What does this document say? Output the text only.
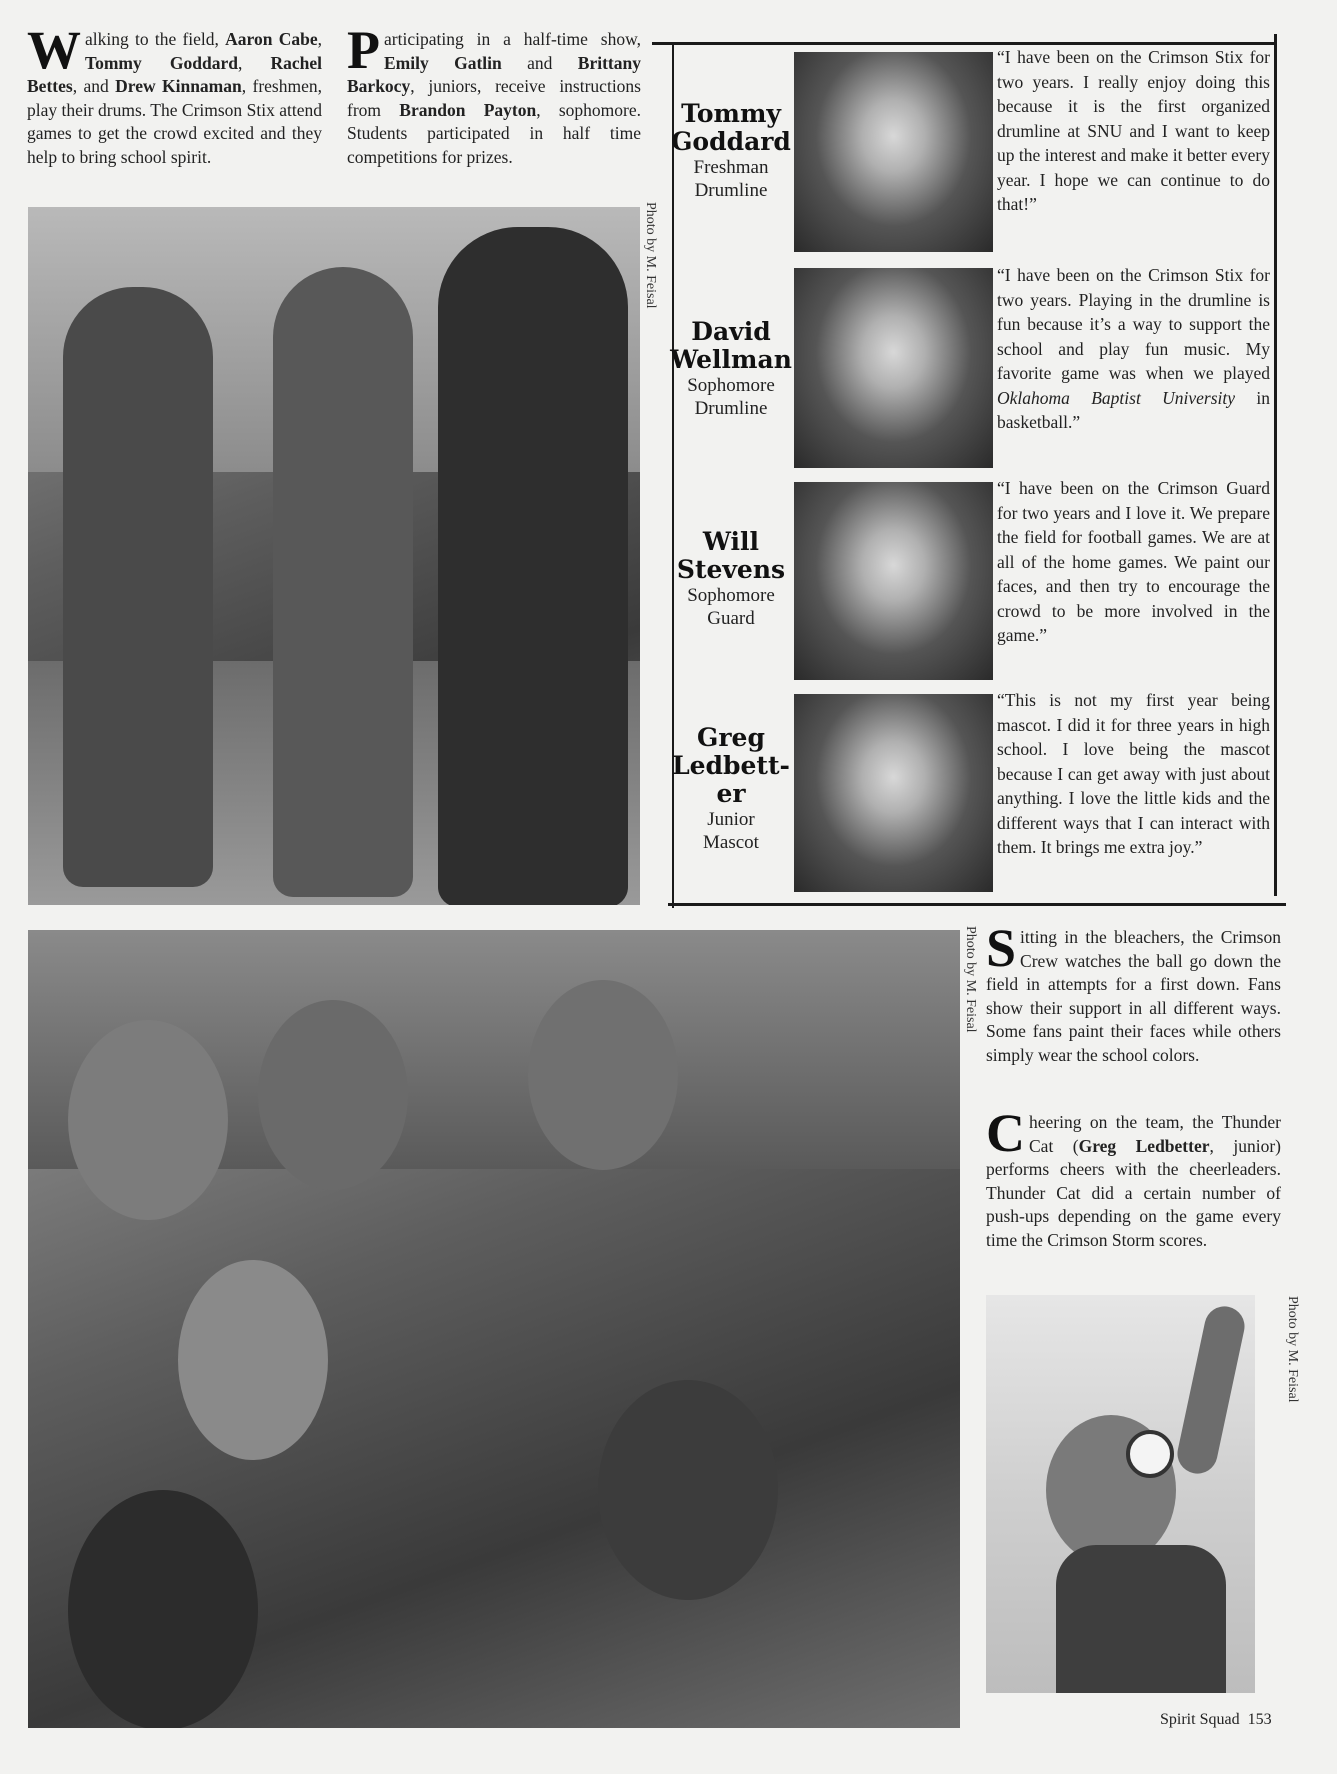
W alking to the field, Aaron Cabe, Tommy Goddard, Rachel Bettes, and Drew Kinnaman, freshmen, play their drums. The Crimson Stix attend games to get the crowd excited and they help to bring school spirit.
P articipating in a half-time show, Emily Gatlin and Brittany Barkocy, juniors, receive instructions from Brandon Payton, sophomore. Students participated in half time competitions for prizes.
Photo by M. Feisal
Tommy
Goddard
Freshman
Drumline
“I have been on the Crimson Stix for two years. I really enjoy doing this because it is the first organized drumline at SNU and I want to keep up the interest and make it better every year. I hope we can continue to do that!”
David
Wellman
Sophomore
Drumline
“I have been on the Crimson Stix for two years. Playing in the drumline is fun because it’s a way to support the school and play fun music. My favorite game was when we played Oklahoma Baptist University in basketball.”
Will
Stevens
Sophomore
Guard
“I have been on the Crimson Guard for two years and I love it. We prepare the field for football games. We are at all of the home games. We paint our faces, and then try to encourage the crowd to be more involved in the game.”
Greg
Ledbett-
er
Junior
Mascot
“This is not my first year being mascot. I did it for three years in high school. I love being the mascot because I can get away with just about anything. I love the little kids and the different ways that I can interact with them. It brings me extra joy.”
Photo by M. Feisal S itting in the bleachers, the Crimson Crew watches the ball go down the field in attempts for a first down. Fans show their support in all different ways. Some fans paint their faces while others simply wear the school colors.
C heering on the team, the Thunder Cat (Greg Ledbetter, junior) performs cheers with the cheerleaders. Thunder Cat did a certain number of push-ups depending on the game every time the Crimson Storm scores.
Photo by M. Feisal
Spirit Squad 153
